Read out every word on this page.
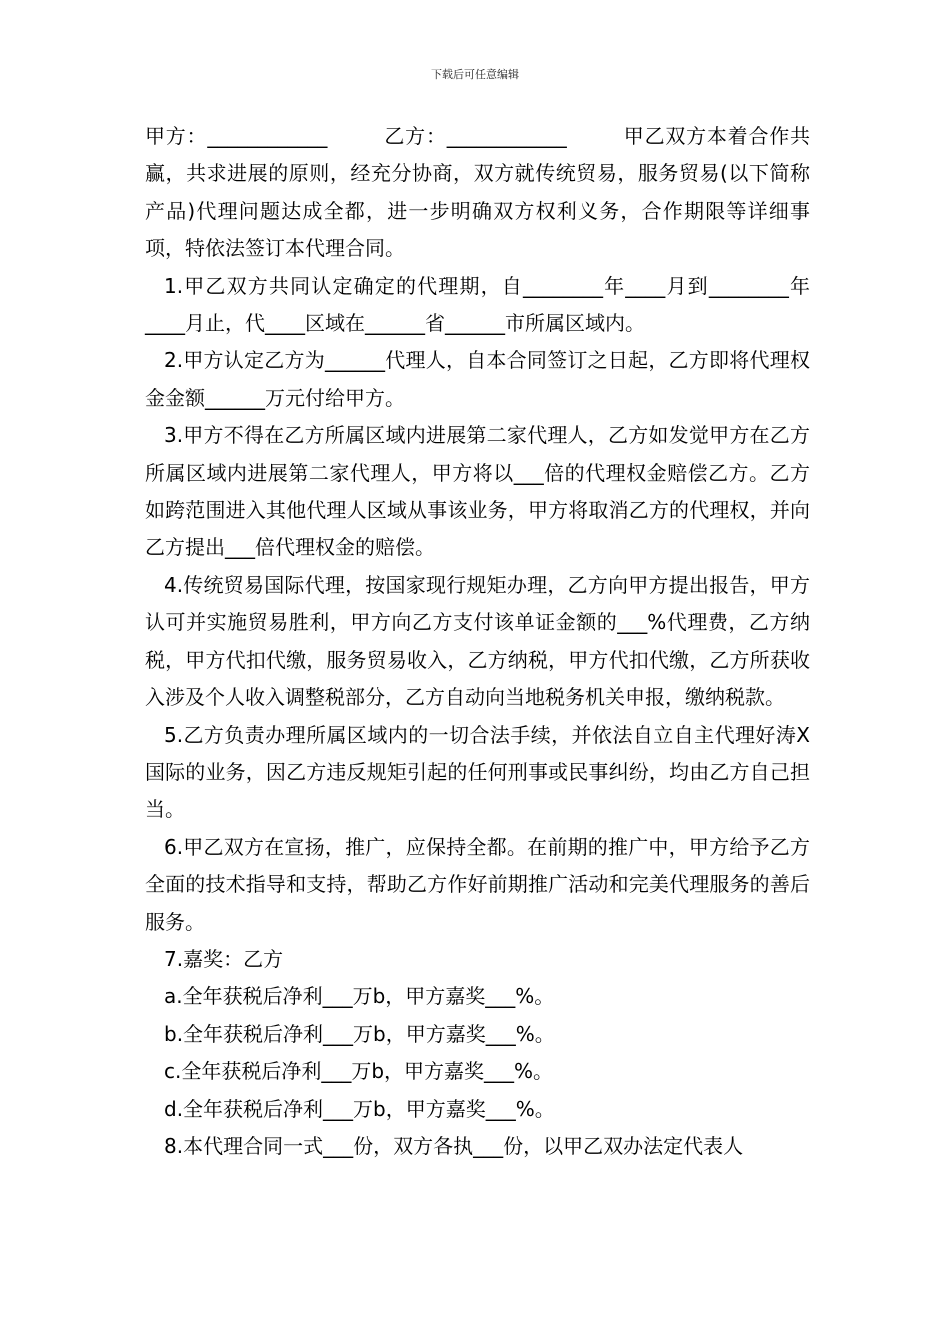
下载后可任意编辑

甲方：____________        乙方：____________        甲乙双方本着合作共赢，共求进展的原则，经充分协商，双方就传统贸易，服务贸易(以下简称产品)代理问题达成全都，进一步明确双方权利义务，合作期限等详细事项，特依法签订本代理合同。

1.甲乙双方共同认定确定的代理期，自________年____月到________年____月止，代____区域在______省______市所属区域内。

2.甲方认定乙方为______代理人，自本合同签订之日起，乙方即将代理权金金额______万元付给甲方。

3.甲方不得在乙方所属区域内进展第二家代理人，乙方如发觉甲方在乙方所属区域内进展第二家代理人，甲方将以___倍的代理权金赔偿乙方。乙方如跨范围进入其他代理人区域从事该业务，甲方将取消乙方的代理权，并向乙方提出___倍代理权金的赔偿。

4.传统贸易国际代理，按国家现行规矩办理，乙方向甲方提出报告，甲方认可并实施贸易胜利，甲方向乙方支付该单证金额的___%代理费，乙方纳税，甲方代扣代缴，服务贸易收入，乙方纳税，甲方代扣代缴，乙方所获收入涉及个人收入调整税部分，乙方自动向当地税务机关申报，缴纳税款。

5.乙方负责办理所属区域内的一切合法手续，并依法自立自主代理好涛X国际的业务，因乙方违反规矩引起的任何刑事或民事纠纷，均由乙方自己担当。

6.甲乙双方在宣扬，推广，应保持全都。在前期的推广中，甲方给予乙方全面的技术指导和支持，帮助乙方作好前期推广活动和完美代理服务的善后服务。

7.嘉奖：乙方

a.全年获税后净利___万b，甲方嘉奖___%。

b.全年获税后净利___万b，甲方嘉奖___%。

c.全年获税后净利___万b，甲方嘉奖___%。

d.全年获税后净利___万b，甲方嘉奖___%。

8.本代理合同一式___份，双方各执___份，以甲乙双办法定代表人
